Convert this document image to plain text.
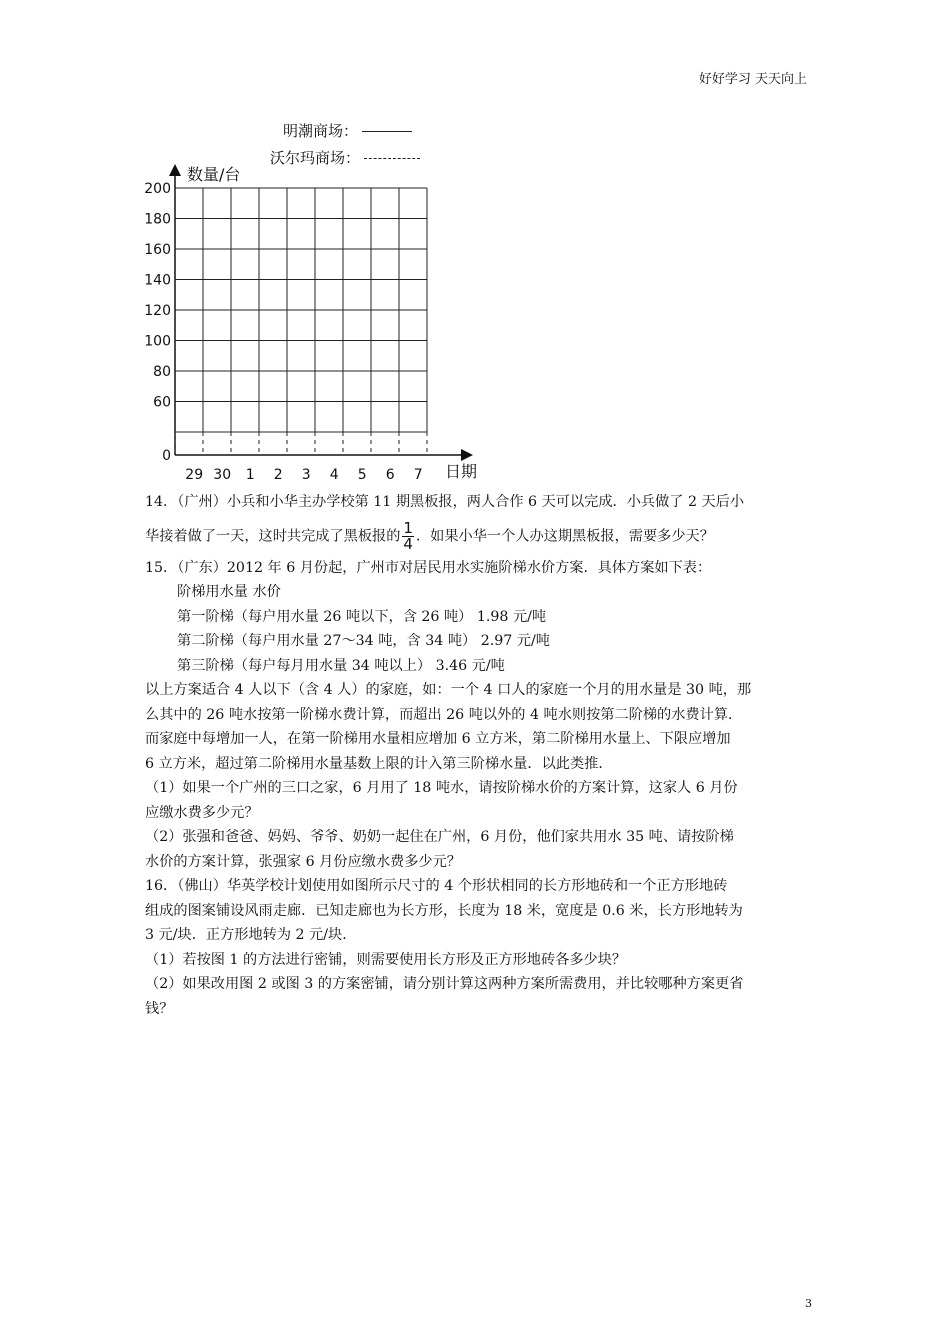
好好学习 天天向上
明潮商场：
沃尔玛商场：
200
180
160
140
120
100
80
60
0
29 30 1 2 3 4 5 6 7
数量/台
日期

14．（广州）小兵和小华主办学校第 11 期黑板报，两人合作 6 天可以完成．小兵做了 2 天后小

华接着做了一天，这时共完成了黑板报的 $\frac{1}{4}$ ．如果小华一个人办这期黑板报，需要多少天？

15．（广东）2012 年 6 月份起，广州市对居民用水实施阶梯水价方案．具体方案如下表：

阶梯用水量 水价

第一阶梯（每户用水量 26 吨以下，含 26 吨） 1.98 元/吨

第二阶梯（每户用水量 27～34 吨，含 34 吨） 2.97 元/吨

第三阶梯（每户每月用水量 34 吨以上） 3.46 元/吨

以上方案适合 4 人以下（含 4 人）的家庭，如：一个 4 口人的家庭一个月的用水量是 30 吨，那

么其中的 26 吨水按第一阶梯水费计算，而超出 26 吨以外的 4 吨水则按第二阶梯的水费计算．

而家庭中每增加一人，在第一阶梯用水量相应增加 6 立方米，第二阶梯用水量上、下限应增加

6 立方米，超过第二阶梯用水量基数上限的计入第三阶梯水量．以此类推．

（1）如果一个广州的三口之家，6 月用了 18 吨水，请按阶梯水价的方案计算，这家人 6 月份

应缴水费多少元？

（2）张强和爸爸、妈妈、爷爷、奶奶一起住在广州，6 月份，他们家共用水 35 吨、请按阶梯

水价的方案计算，张强家 6 月份应缴水费多少元？

16．（佛山）华英学校计划使用如图所示尺寸的 4 个形状相同的长方形地砖和一个正方形地砖

组成的图案铺设风雨走廊．已知走廊也为长方形，长度为 18 米，宽度是 0.6 米，长方形地转为

3 元/块．正方形地转为 2 元/块．

（1）若按图 1 的方法进行密铺，则需要使用长方形及正方形地砖各多少块？

（2）如果改用图 2 或图 3 的方案密铺，请分别计算这两种方案所需费用，并比较哪种方案更省

钱？

3
